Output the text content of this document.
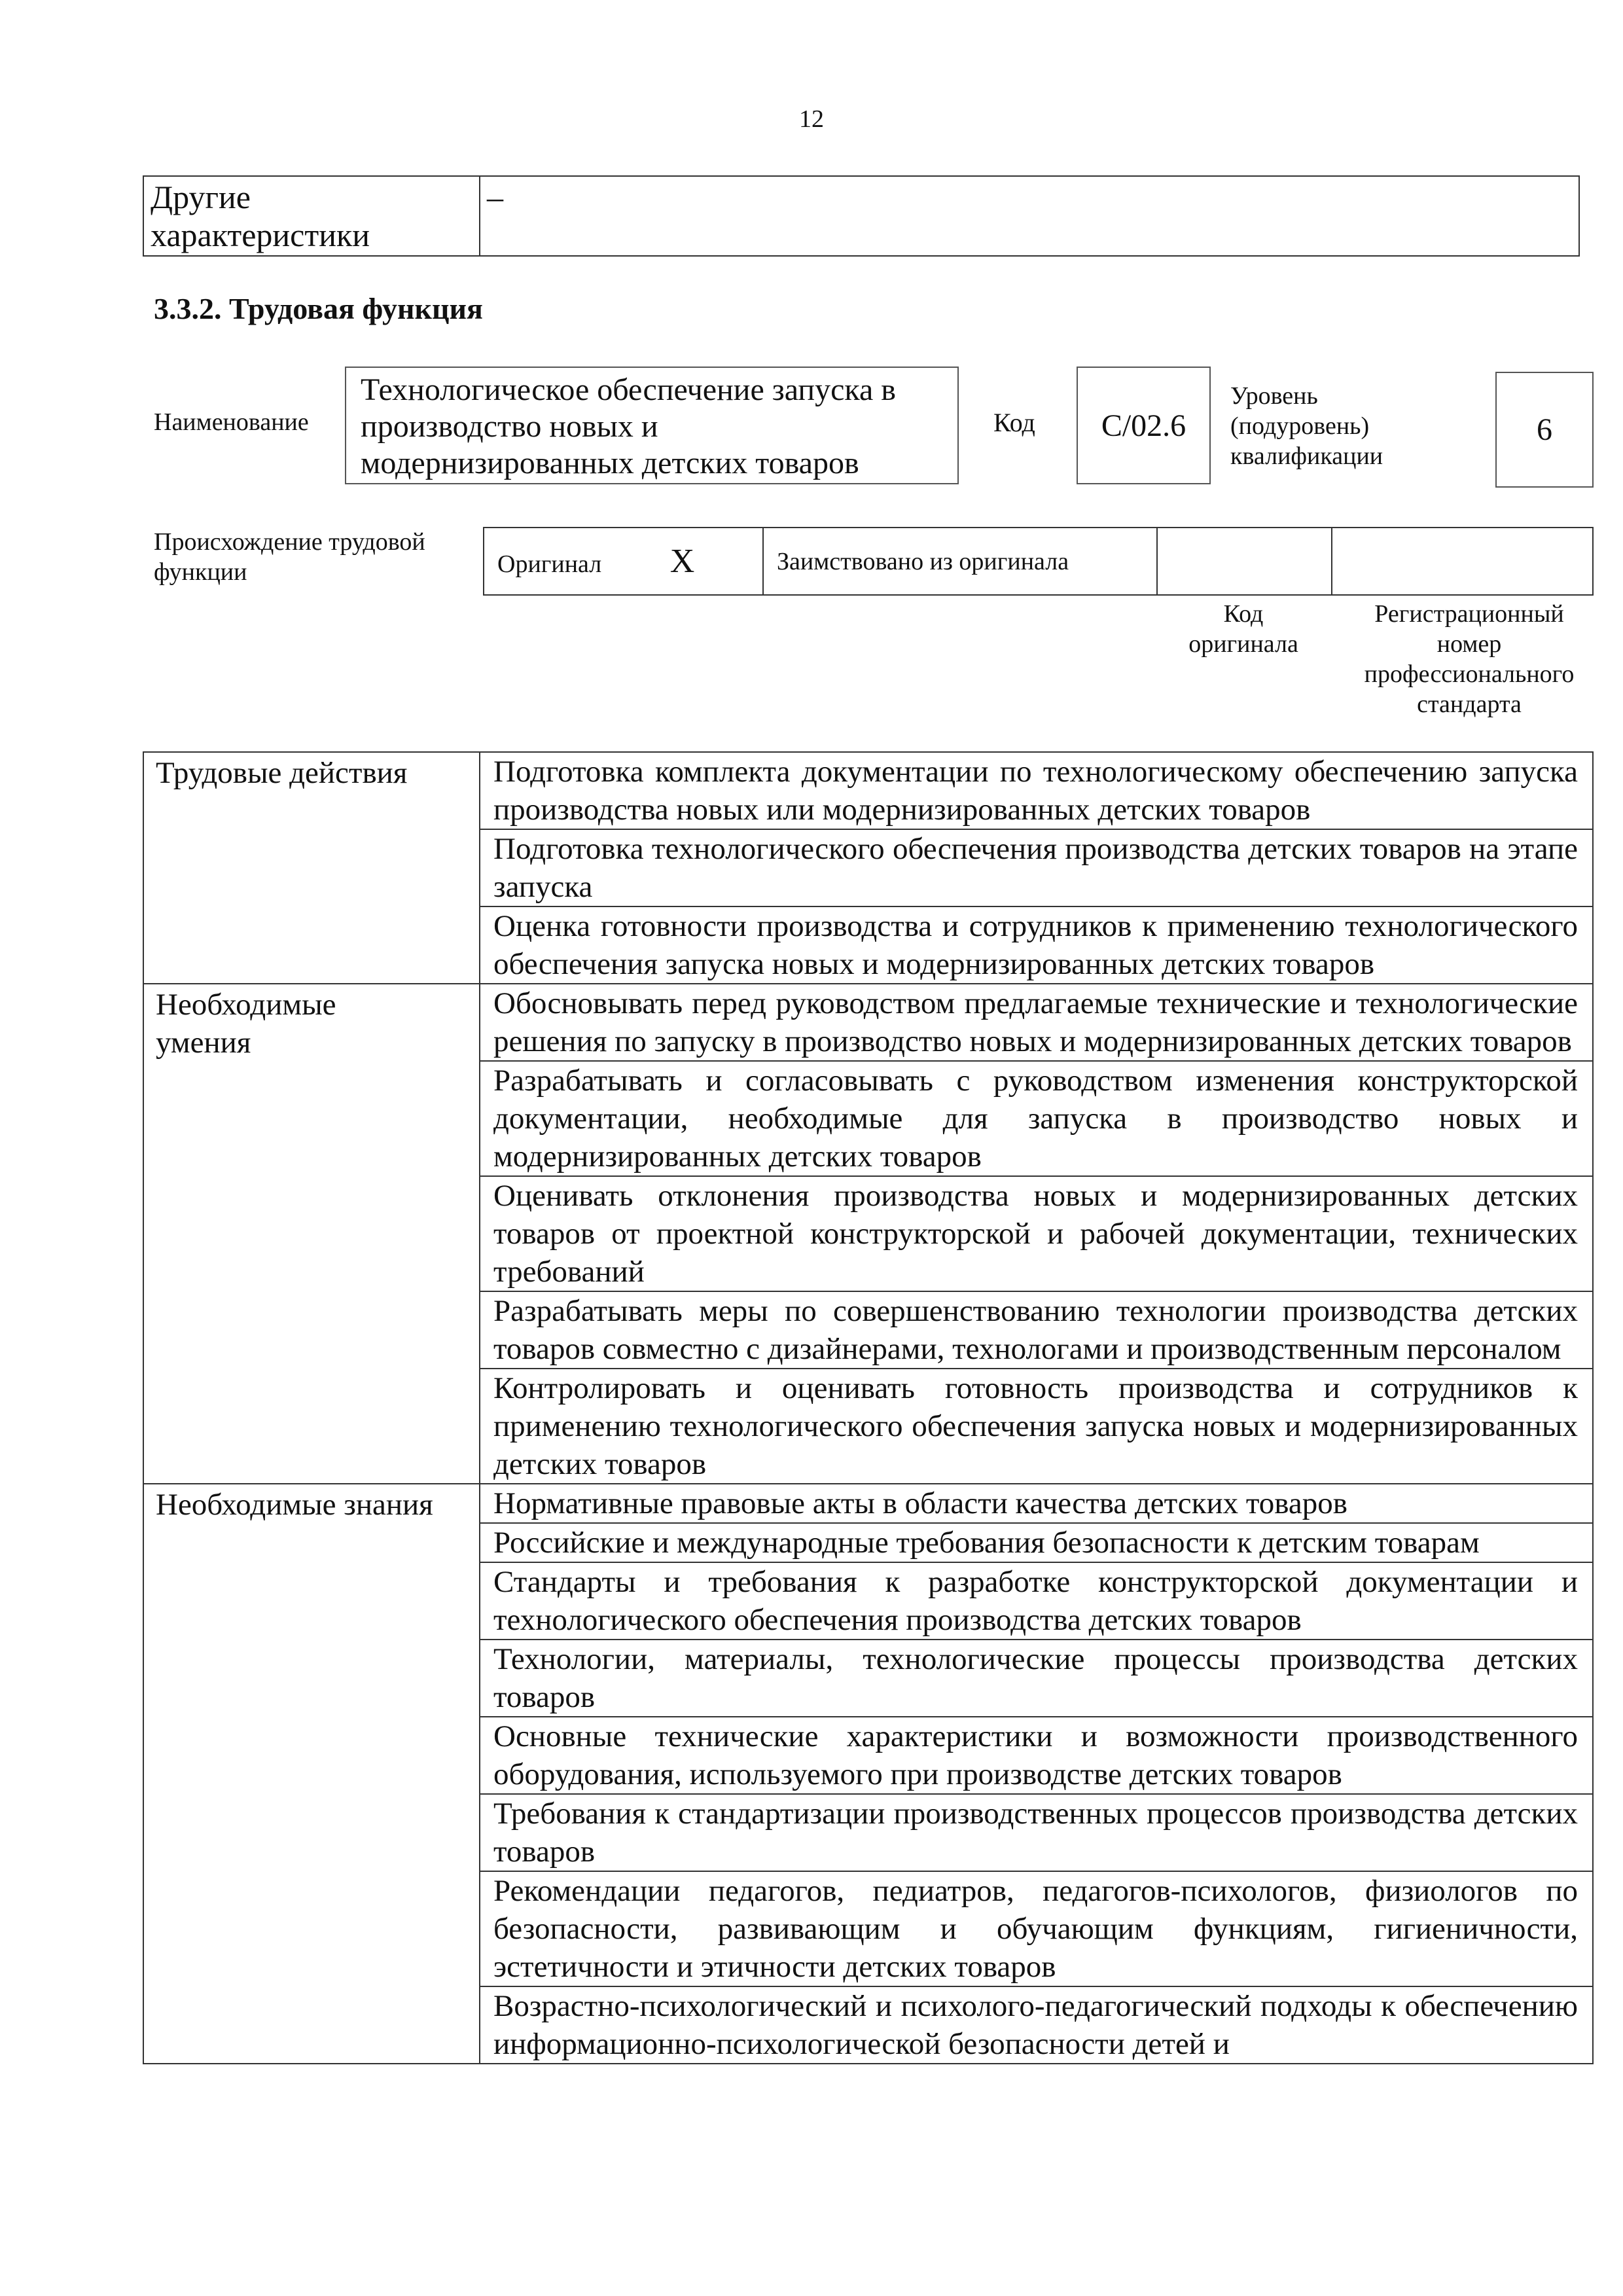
12
Другие
характеристики
	–
3.3.2. Трудовая функция
Наименование
Технологическое обеспечение запуска в
производство новых и
модернизированных детских товаров
Код	С/02.6
Уровень
(подуровень)
квалификации
6
Происхождение трудовой
функции	Оригинал X	Заимствовано из оригинала		
Код
оригинала
Регистрационный
номер
профессионального
стандарта
Трудовые действия	Подготовка комплекта документации по технологическому обеспечению запуска производства новых или модернизированных детских товаров
	Подготовка технологического обеспечения производства детских товаров на этапе запуска
	Оценка готовности производства и сотрудников к применению технологического обеспечения запуска новых и модернизированных детских товаров

Необходимые
умения	Обосновывать перед руководством предлагаемые технические и технологические решения по запуску в производство новых и модернизированных детских товаров
	Разрабатывать и согласовывать с руководством изменения конструкторской документации, необходимые для запуска в производство новых и модернизированных детских товаров
	Оценивать отклонения производства новых и модернизированных детских товаров от проектной конструкторской и рабочей документации, технических требований
	Разрабатывать меры по совершенствованию технологии производства детских товаров совместно с дизайнерами, технологами и производственным персоналом
	Контролировать и оценивать готовность производства и сотрудников к применению технологического обеспечения запуска новых и модернизированных детских товаров
Необходимые знания	Нормативные правовые акты в области качества детских товаров
	Российские и международные требования безопасности к детским товарам
	Стандарты и требования к разработке конструкторской документации и технологического обеспечения производства детских товаров
	Технологии, материалы, технологические процессы производства детских товаров
	Основные технические характеристики и возможности производственного оборудования, используемого при производстве детских товаров
	Требования к стандартизации производственных процессов производства детских товаров
	Рекомендации педагогов, педиатров, педагогов-психологов, физиологов по безопасности, развивающим и обучающим функциям, гигиеничности, эстетичности и этичности детских товаров
	Возрастно-психологический и психолого-педагогический подходы к обеспечению информационно-психологической безопасности детей и
